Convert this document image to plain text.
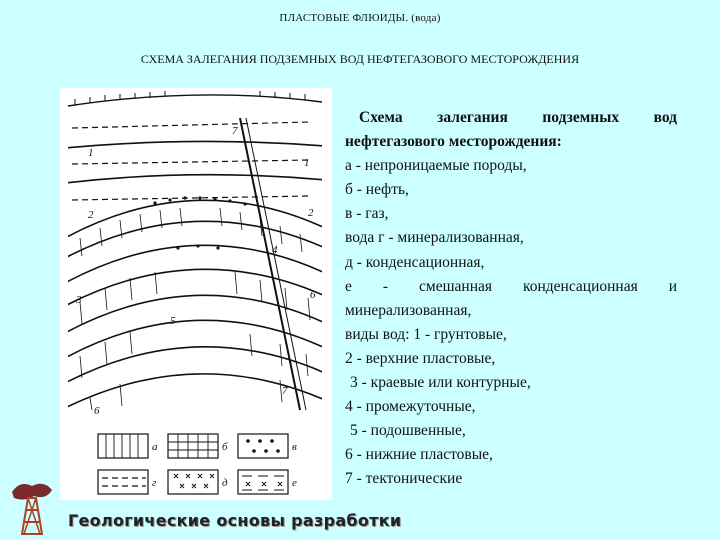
ПЛАСТОВЫЕ ФЛЮИДЫ. (вода)
СХЕМА ЗАЛЕГАНИЯ ПОДЗЕМНЫХ ВОД НЕФТЕГАЗОВОГО МЕСТОРОЖДЕНИЯ
1
1
2	2
3
4
5
6
6
7
7
а	б	в
г	д	е
Схема залегания подземных вод
нефтегазового месторождения:
а - непроницаемые породы,
б - нефть,
в - газ,
вода г - минерализованная,
д - конденсационная,
е - смешанная конденсационная и
минерализованная,
виды вод: 1 - грунтовые,
2 - верхние пластовые,
3 - краевые или контурные,
4 - промежуточные,
5 - подошвенные,
6 - нижние пластовые,
7 - тектонические
Геологические основы разработки
